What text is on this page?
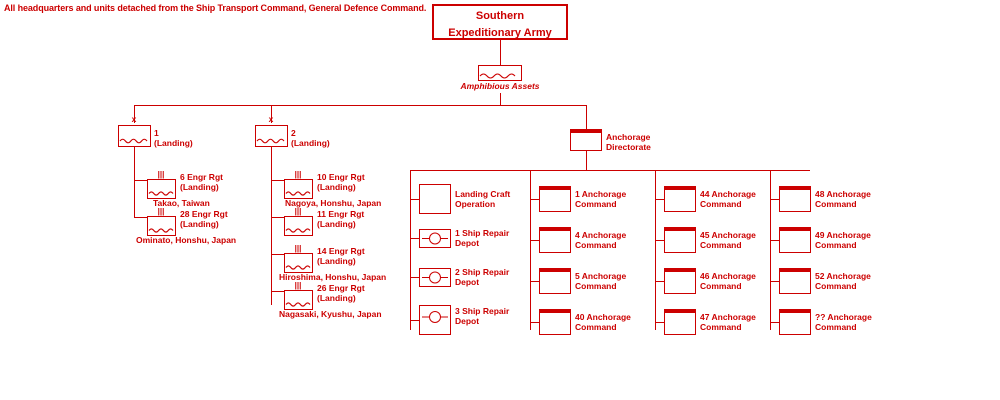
All headquarters and units detached from the Ship Transport Command, General Defence Command.
Southern
Expeditionary Army
Amphibious Assets
x
1
(Landing)
|||	6 Engr Rgt
(Landing)
Takao, Taiwan
|||	28 Engr Rgt
(Landing)
Ominato, Honshu, Japan
x
2
(Landing)
|||	10 Engr Rgt
(Landing)
Nagoya, Honshu, Japan
|||	11 Engr Rgt
(Landing)
|||	14 Engr Rgt
(Landing)
Hiroshima, Honshu, Japan
|||	26 Engr Rgt
(Landing)
Nagasaki, Kyushu, Japan
Anchorage
Directorate
Landing Craft
Operation
1 Ship Repair
Depot
2 Ship Repair
Depot
3 Ship Repair
Depot
1 Anchorage
Command
4 Anchorage
Command
5 Anchorage
Command
40 Anchorage
Command
44 Anchorage
Command
45 Anchorage
Command
46 Anchorage
Command
47 Anchorage
Command
48 Anchorage
Command
49 Anchorage
Command
52 Anchorage
Command
?? Anchorage
Command
